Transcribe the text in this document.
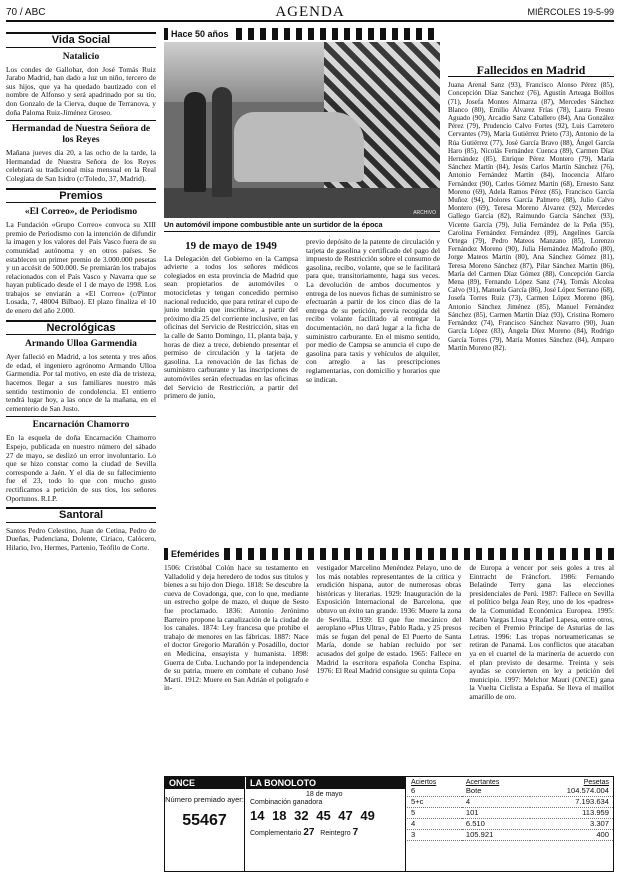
70 / ABC	AGENDA	MIÉRCOLES 19-5-99
Vida Social
Natalicio

Los condes de Gallobar, don José Tomás Ruiz Jarabo Madrid, han dado a luz un niño, tercero de sus hijos, que ya ha quedado bautizado con el nombre de Alfonso y será apadrinado por su tío, don Gonzalo de la Cierva, duque de Terranova, y doña Paloma Ruiz-Jiménez Groseo.

Hermandad de Nuestra Señora de los Reyes

Mañana jueves día 20, a las ocho de la tarde, la Hermandad de Nuestra Señora de los Reyes celebrará su tradicional misa mensual en la Real Colegiata de San Isidro (c/Toledo, 37, Madrid).

Premios
«El Correo», de Periodismo

La Fundación «Grupo Correo» convoca su XIII premio de Periodismo con la intención de difundir la imagen y los valores del País Vasco fuera de su comunidad autónoma y en otros países. Se establecen un primer premio de 3.000.000 pesetas y un accésit de 500.000. Se premiarán los trabajos relacionados con el País Vasco y Navarra que se hayan publicado desde el 1 de mayo de 1998. Los trabajos se enviarán a «El Correo» (c/Pintor Losada, 7, 48004 Bilbao). El plazo finaliza el 10 de enero del año 2.000.

Necrológicas
Armando Ulloa Garmendia

Ayer falleció en Madrid, a los setenta y tres años de edad, el ingeniero agrónomo Armando Ulloa Garmendia. Por tal motivo, en este día de tristeza, hacemos llegar a sus familiares nuestro más sentido testimonio de condolencia. El entierro tendrá lugar hoy, a las once de la mañana, en el cementerio de San Justo.

Encarnación Chamorro

En la esquela de doña Encarnación Chamorro Espejo, publicada en nuestro número del sábado 27 de mayo, se deslizó un error involuntario. Lo que se hizo constar como la ciudad de Sevilla corresponde a Jaén. Y el día de su fallecimiento fue el 23, todo lo que con mucho gusto rectificamos a petición de sus tíos, los señores Oportunos. R.I.P.

Santoral

Santos Pedro Celestino, Juan de Cetina, Pedro de Dueñas, Pudenciana, Dolente, Ciriaco, Calócero, Hilario, Ivo, Hermes, Partenio, Teófilo de Corte.

Hace 50 años
ARCHIVO
Un automóvil impone combustible ante un surtidor de la época
19 de mayo de 1949

La Delegación del Gobierno en la Campsa advierte a todos los señores médicos colegiados en esta provincia de Madrid que sean propietarios de automóviles o motocicletas y tengan concedido permiso nacional reducido, que para retirar el cupo de junio tendrán que inscribirse, a partir del próximo día 25 del corriente inclusive, en las oficinas del Servicio de Restricción, sitas en la calle de Santo Domingo, 11, planta baja, y horas de diez a trece, debiendo presentar el permiso de circulación y la tarjeta de gasolina. La renovación de las fichas de suministro carburante y las inscripciones de automóviles serán efectuadas en las oficinas del Servicio de Restricción, a partir del primero de junio,

previo depósito de la patente de circulación y tarjeta de gasolina y certificado del pago del impuesto de Restricción sobre el consumo de gasolina, recibo, volante, que se le facilitará para que, transitoriamente, haga sus veces. La devolución de ambos documentos y entrega de los nuevos fichas de suministro se efectuarán a partir de los cinco días de la entrega de su petición, previa recogida del recibo volante facilitado al entregar la documentación, no dará lugar a la ficha de suministro carburante. En el mismo sentido, por medio de Campsa se anuncia el cupo de gasolina para taxis y vehículos de alquiler, con arreglo a las prescripciones reglamentarias, con domicilio y horarios que se indican.

Fallecidos en Madrid

Juana Arenal Sanz (93), Francisco Alonso Pérez (85), Concepción Díaz Sanchez (76), Agustín Arteaga Boillos (71), Josefa Montes Almarza (87), Mercedes Sánchez Blanco (80), Emilio Álvarez Frías (78), Laura Fresno Aguado (90), Arcadio Sanz Caballero (84), Ana González Pérez (79), Prudencio Calvo Fortes (92), Luis Carretero Cervantes (79), María Gutiérrez Prieto (73), Antonio de la Rúa Gutiérrez (77), José García Bravo (88), Ángel García Haro (85), Nicolás Fernández Cuenca (89), Carmen Díaz Hernández (85), Enrique Pérez Montero (79), María Sánchez Martín (84), Jesús Carlos Martín Sánchez (76), Antonio Fernández Martín (84), Inocencia Alfaro Fernández (90), Carlos Gómez Martín (68), Ernesto Sanz Moreno (69), Adela Ramos Pérez (85), Francisco García Muñoz (94), Dolores García Palmero (88), Julio Calvo Montero (69), Teresa Moreno Álvarez (92), Mercedes Gallego García (82), Raimundo García Sánchez (93), Vicente García (79), Julia Fernández de la Peña (95), Carolina Fernández Fernández (89), Angelines García Ortega (79), Pedro Mateos Manzano (85), Lorenzo Fernández Moreno (90), Julia Hernández Madroño (80), Jorge Mateos Martín (80), Ana Sánchez Gómez (81), Teresa Moreno Sánchez (87), Pilar Sánchez Martín (86), María del Carmen Díaz Gómez (88), Concepción García Mena (89), Fernando López Sanz (74), Tomás Alcolea Calvo (91), Manuela García (86), José López Serrano (68), Josefa Torres Ruiz (73), Carmen López Moreno (86), Antonio Sánchez Jiménez (85), Manuel Fernández Sánchez (85), Carmen Martín Díaz (93), Cristina Romero Fernández (74), Francisco Sánchez Navarro (90), Juan García López (83), Ángela Díez Moreno (84), Rodrigo García Torres (79), María Montes Sánchez (84), Amparo Martín Moreno (82).

Efemérides

1506: Cristóbal Colón hace su testamento en Valladolid y deja heredero de todos sus títulos y bienes a su hijo don Diego. 1818: Se descubre la cueva de Covadonga, que, con lo que, mediante un estrecho golpe de mazo, el duque de Sesto fue proclamado. 1836: Antonio Jerónimo Barreiro propone la canalización de la ciudad de los canales. 1874: Ley francesa que prohíbe el trabajo de menores en las fábricas. 1887: Nace el doctor Gregorio Marañón y Posadillo, doctor en Medicina, ensayista y humanista. 1898: Guerra de Cuba. Luchando por la independencia de su patria, muere en combate el cubano José Martí. 1912: Muere en San Adrián el poligrafo e in-

vestigador Marcelino Menéndez Pelayo, uno de los más notables representantes de la crítica y erudición hispana, autor de numerosas obras históricas y literarias. 1929: Inauguración de la Exposición Internacional de Barcelona, que obtuvo un éxito tan grande. 1936: Muere la zona de Sevilla. 1939: El que fue mecánico del aeroplano «Plus Ultra», Pablo Rada, y 25 presos más se fugan del penal de El Puerto de Santa María, donde se habían recluido por ser acusados del golpe de estado. 1965: Fallece en Madrid la escritora española Concha Espina. 1976: El Real Madrid consigue su quinta Copa

de Europa a vencer por seis goles a tres al Eintracht de Fráncfort. 1986: Fernando Belaúnde Terry gana las elecciones presidenciales de Perú. 1987: Fallece en Sevilla el político belga Jean Rey, uno de los «padres» de la Comunidad Económica Europea. 1995: Mario Vargas Llosa y Rafael Lapesa, entre otros, reciben el Premio Príncipe de Asturias de las Letras. 1996: Las tropas norteamericanas se retiran de Panamá. Los conflictos que atacaban ya en el cuartel de la marinería de acuerdo con el plan previsto de desarme. Treinta y seis ayudas se convierten en ley a petición del municipio. 1997: Melchor Mauri (ONCE) gana la Vuelta Ciclista a España. Se lleva el maillot amarillo de oro.

ONCE
Número premiado ayer:
55467
LA BONOLOTO
18 de mayo
Combinación ganadora
14 18 32 45 47 49
Complementario 27 Reintegro 7
Aciertos	Acertantes	Pesetas
6	Bote	104.574.004
5+c	4	7.193.634
5	101	113.959
4	6.510	3.307
3	105.921	400
